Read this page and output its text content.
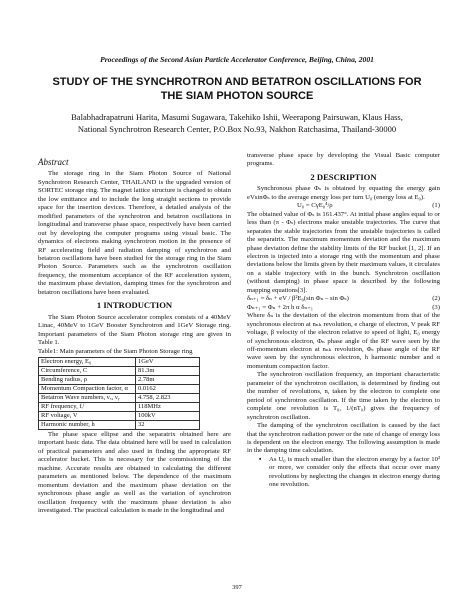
Proceedings of the Second Asian Particle Accelerator Conference, Beijing, China, 2001
STUDY OF THE SYNCHROTRON AND BETATRON OSCILLATIONS FOR
THE SIAM PHOTON SOURCE
Balabhadrapatruni Harita, Masumi Sugawara, Takehiko Ishii, Weerapong Pairsuwan, Klaus Hass,
National Synchrotron Research Center, P.O.Box No.93, Nakhon Ratchasima, Thailand-30000
Abstract

The storage ring in the Siam Photon Source of National Synchrotron Research Center, THAILAND is the upgraded version of SORTEC storage ring. The magnet lattice structure is changed to obtain the low emittance and to include the long straight sections to provide space for the insertion devices. Therefore, a detailed analysis of the modified parameters of the synchrotron and betatron oscillations in longitudinal and transverse phase space, respectively have been carried out by developing the computer programs using visual basic. The dynamics of electrons making synchrotron motion in the presence of RF accelerating field and radiation damping of synchrotron and betatron oscillations have been studied for the storage ring in the Siam Photon Source. Parameters such as the synchrotron oscillation frequency, the momentum acceptance of the RF acceleration system, the maximum phase deviation, damping times for the synchrotron and betatron oscillations have been evaluated.

1 INTRODUCTION

The Siam Photon Source accelerator complex consists of a 40MeV Linac, 40MeV to 1GeV Booster Synchrotron and 1GeV Storage ring. Important parameters of the Siam Photon storage ring are given in Table 1.

Table1: Main parameters of the Siam Photon Storage ring
Electron energy, E₀	1GeV
Circumference, C	81.3m
Bending radius, ρ	2.78m
Momentum Compaction factor, α	0.0162
Betatron Wave numbers, νₓ, νᵧ	4.758, 2.823
RF frequency, fᵣᶠ	118MHz
RF voltage, V	100kV
Harmonic number, h	32

The phase space ellipse and the separatrix obtained here are important basic data. The data obtained here will be used in calculation of practical parameters and also used in finding the appropriate RF accelerator bucket. This is necessary for the commissioning of the machine. Accurate results are obtained in calculating the different parameters as mentioned below. The dependence of the maximum momentum deviation and the maximum phase deviation on the synchronous phase angle as well as the variation of synchrotron oscillation frequency with the maximum phase deviation is also investigated. The practical calculation is made in the longitudinal and

transverse phase space by developing the Visual Basic computer programs.

2 DESCRIPTION

Synchronous phase Φₛ is obtained by equating the energy gain eVsinΦₛ to the average energy loss per turn U₀ (energy loss at E₀).

U₀ = CγE₀⁴/ρ	(1)

The obtained value of Φₛ is 161.437°. At initial phase angles equal to or less than (π - Φₛ) electrons make unstable trajectories. The curve that separates the stable trajectories from the unstable trajectories is called the separatrix. The maximum momentum deviation and the maximum phase deviation define the stability limits of the RF bucket [1, 2]. If an electron is injected into a storage ring with the momentum and phase deviations below the limits given by their maximum values, it circulates on a stable trajectory with in the bunch. Synchrotron oscillation (without damping) in phase space is described by the following mapping equations[3].

δₙ₊₁ = δₙ + eV / β²E₀(sin Φₙ – sin Φₛ)	(2)
Φₙ₊₁ = Φₙ + 2π h α δₙ₊₁	(3)

Where δₙ is the deviation of the electron momentum from that of the synchronous electron at nₙₕ revolution, e charge of electron, V peak RF voltage, β velocity of the electron relative to speed of light, E₀ energy of synchronous electron, Φₙ phase angle of the RF wave seen by the off-momentum electron at nₙₕ revolution, Φₛ phase angle of the RF wave seen by the synchronous electron, h harmonic number and α momentum compaction factor.

The synchrotron oscillation frequency, an important characteristic parameter of the synchrotron oscillation, is determined by finding out the number of revolutions, n, taken by the electron to complete one period of synchrotron oscillation. If the time taken by the electron to complete one revolution is T₀, 1/(nT₀) gives the frequency of synchrotron oscillation.

The damping of the synchrotron oscillation is caused by the fact that the synchrotron radiation power or the rate of change of energy loss is dependent on the electron energy. The following assumption is made in the damping time calculation.

▪	As U₀ is much smaller than the electron energy by a factor 10³ or more, we consider only the effects that occur over many revolutions by neglecting the changes in electron energy during one revolution.

397
